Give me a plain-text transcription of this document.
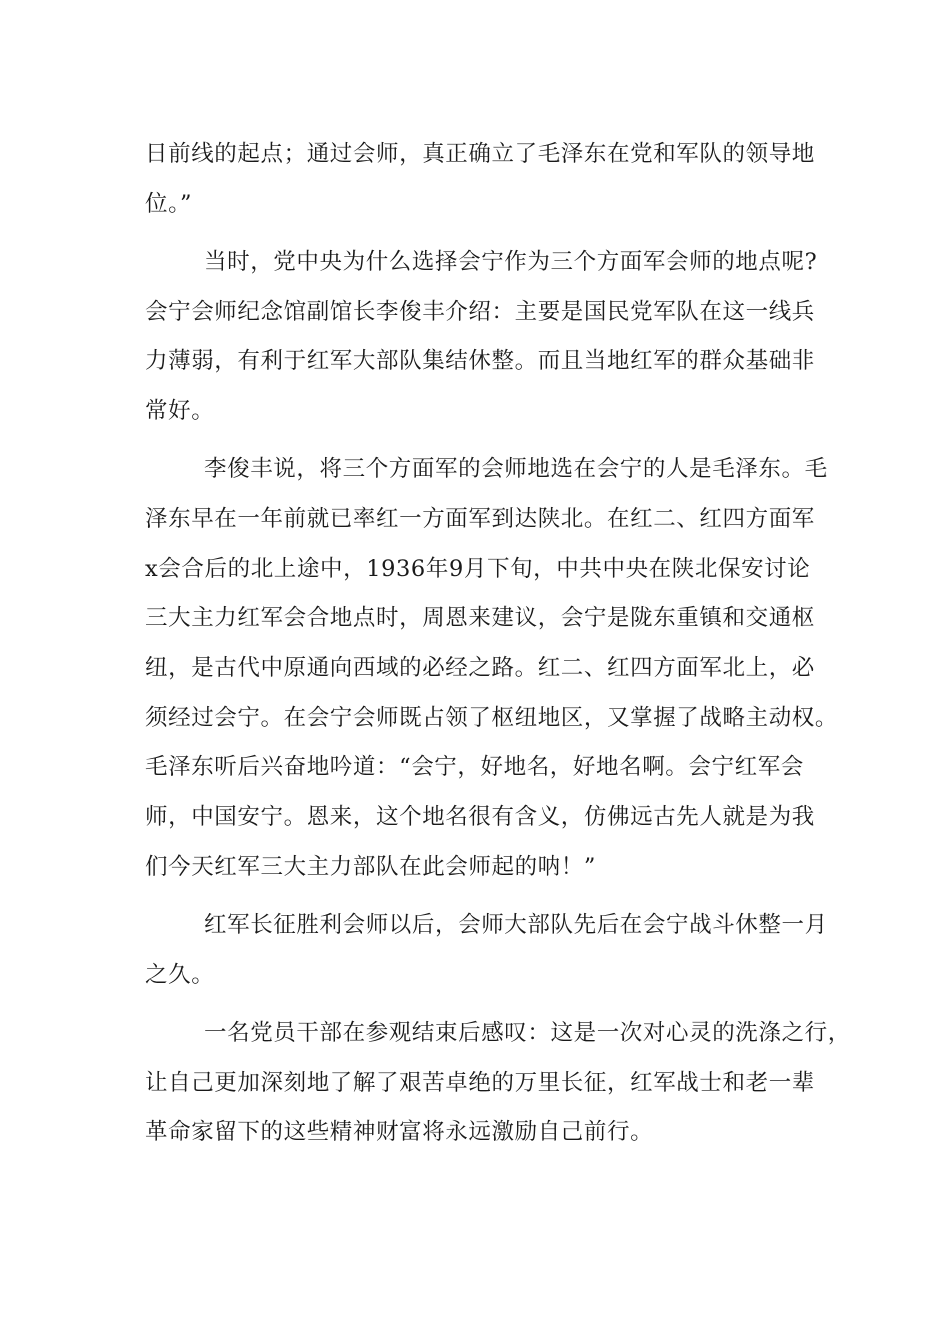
日前线的起点；通过会师，真正确立了毛泽东在党和军队的领导地
位。”
当时，党中央为什么选择会宁作为三个方面军会师的地点呢?
会宁会师纪念馆副馆长李俊丰介绍：主要是国民党军队在这一线兵
力薄弱，有利于红军大部队集结休整。而且当地红军的群众基础非
常好。
李俊丰说，将三个方面军的会师地选在会宁的人是毛泽东。毛
泽东早在一年前就已率红一方面军到达陕北。在红二、红四方面军
x会合后的北上途中，1936年9月下旬，中共中央在陕北保安讨论
三大主力红军会合地点时，周恩来建议，会宁是陇东重镇和交通枢
纽，是古代中原通向西域的必经之路。红二、红四方面军北上，必
须经过会宁。在会宁会师既占领了枢纽地区，又掌握了战略主动权。
毛泽东听后兴奋地吟道：“会宁，好地名，好地名啊。会宁红军会
师，中国安宁。恩来，这个地名很有含义，仿佛远古先人就是为我
们今天红军三大主力部队在此会师起的呐！”
红军长征胜利会师以后，会师大部队先后在会宁战斗休整一月
之久。
一名党员干部在参观结束后感叹：这是一次对心灵的洗涤之行，
让自己更加深刻地了解了艰苦卓绝的万里长征，红军战士和老一辈
革命家留下的这些精神财富将永远激励自己前行。
